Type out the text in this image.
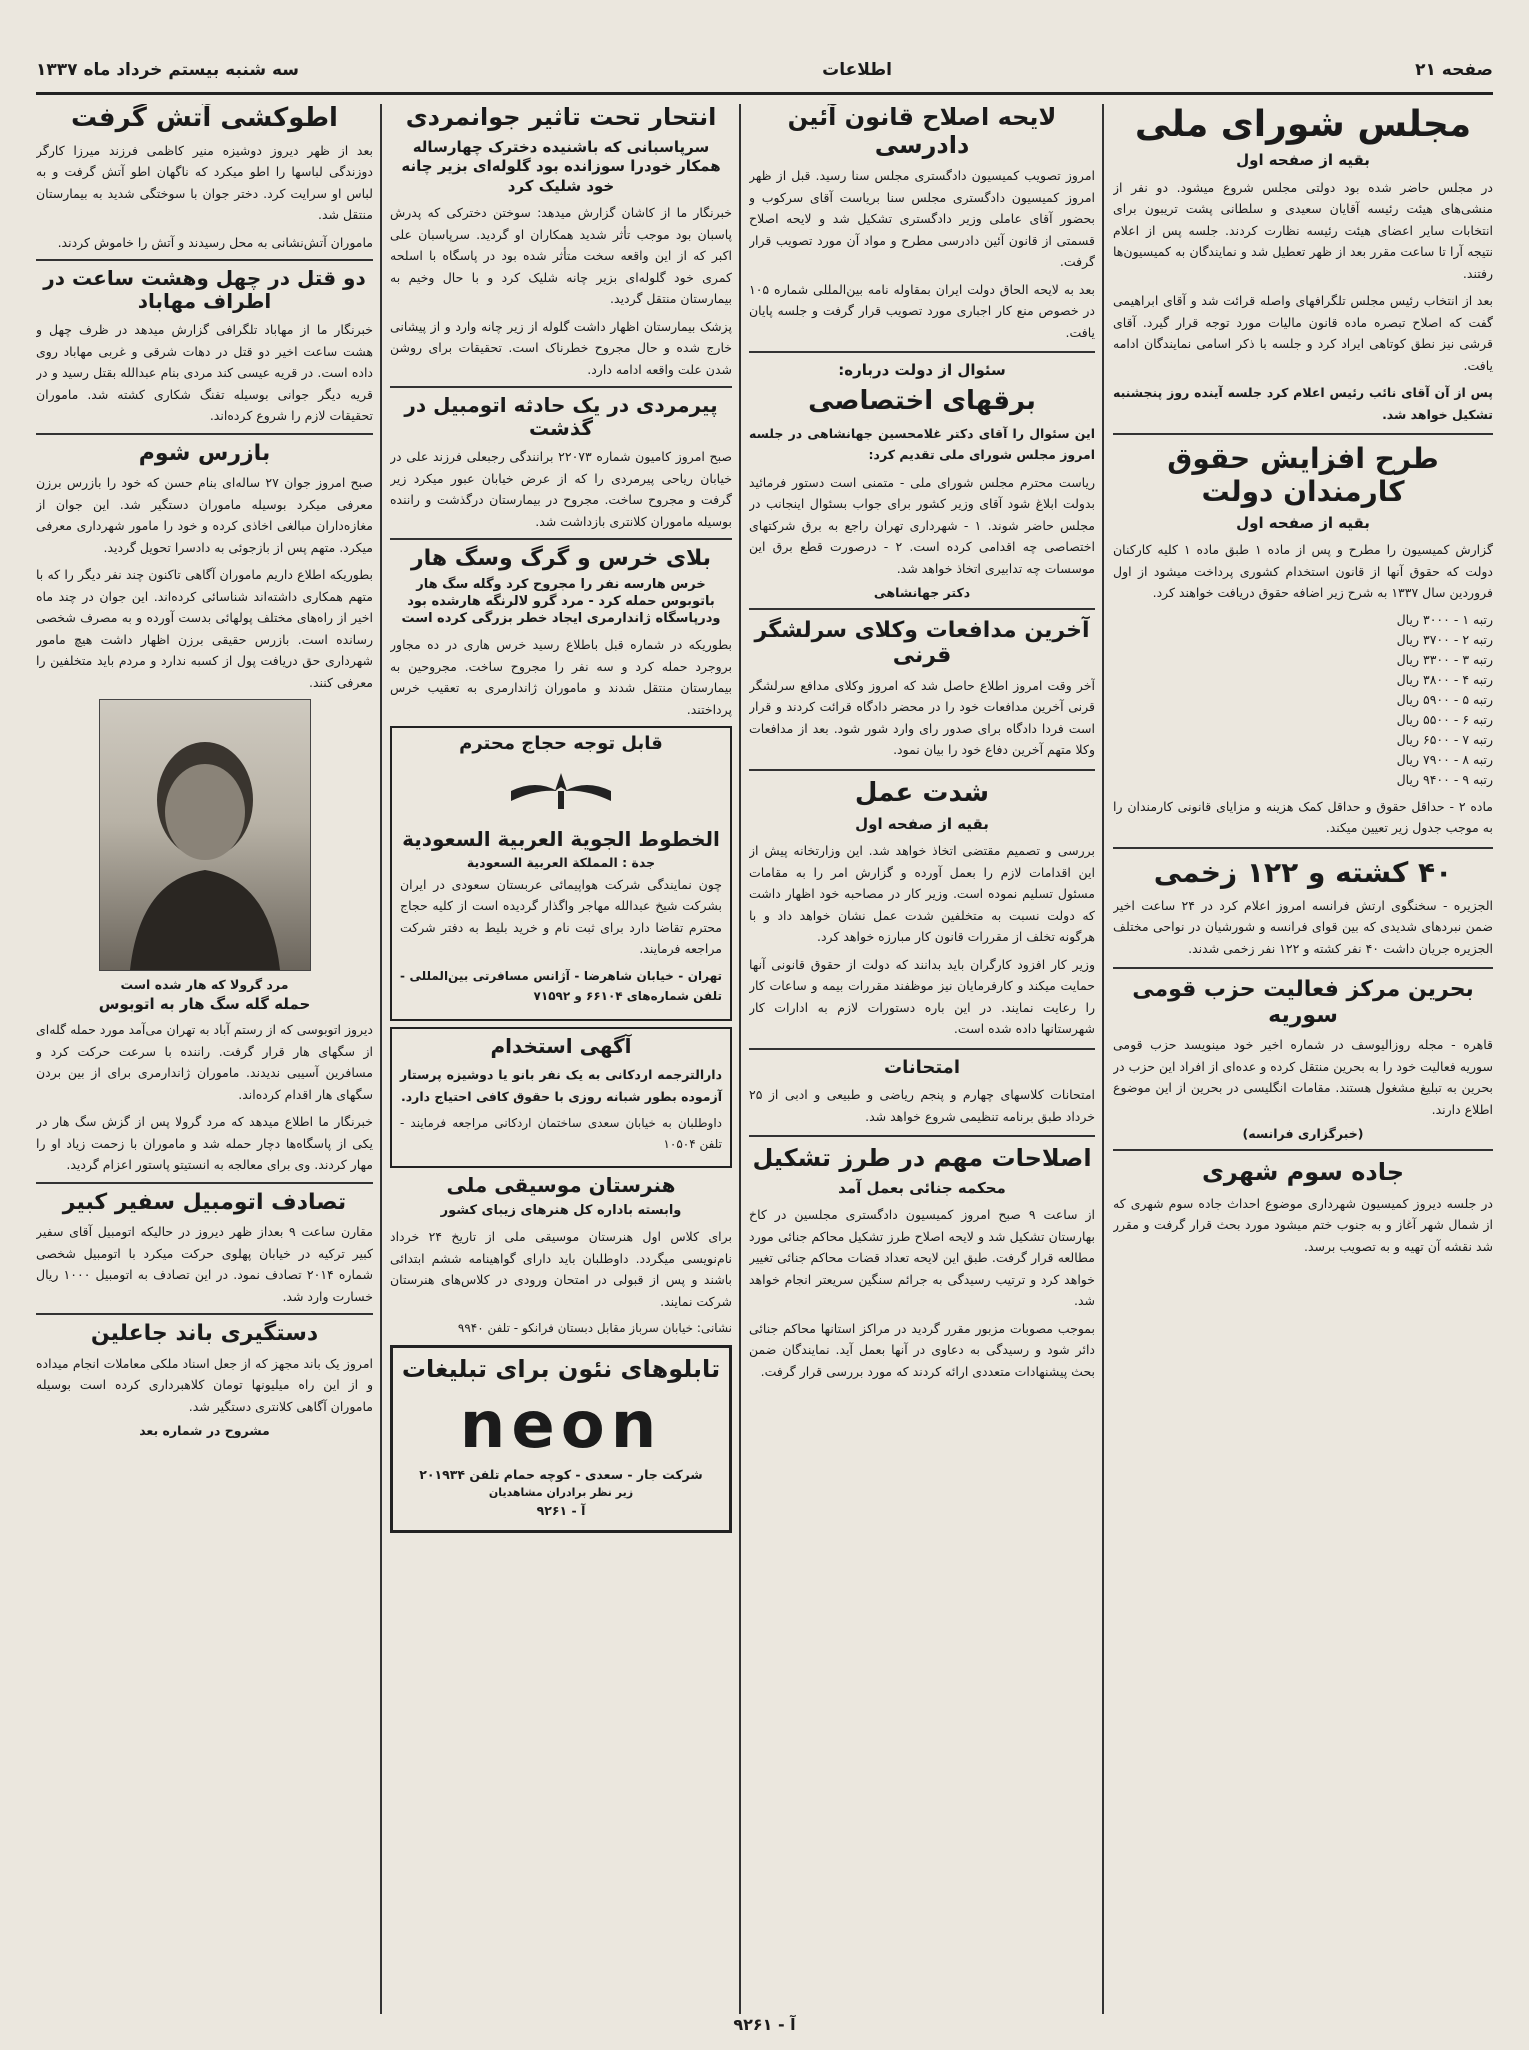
صفحه ۲۱
اطلاعات
سه شنبه بیستم خرداد ماه ۱۳۳۷
مجلس شورای ملی
بقیه از صفحه اول

در مجلس حاضر شده بود دولتی مجلس شروع میشود. دو نفر از منشی‌های هیئت رئیسه آقایان سعیدی و سلطانی پشت تریبون برای انتخابات سایر اعضای هیئت رئیسه نظارت کردند. جلسه پس از اعلام نتیجه آرا تا ساعت مقرر بعد از ظهر تعطیل شد و نمایندگان به کمیسیون‌ها رفتند.

بعد از انتخاب رئیس مجلس تلگرافهای واصله قرائت شد و آقای ابراهیمی گفت که اصلاح تبصره ماده قانون مالیات مورد توجه قرار گیرد. آقای قرشی نیز نطق کوتاهی ایراد کرد و جلسه با ذکر اسامی نمایندگان ادامه یافت.

پس از آن آقای نائب رئیس اعلام کرد جلسه آینده روز پنجشنبه تشکیل خواهد شد.

طرح افزایش حقوق کارمندان دولت
بقیه از صفحه اول

گزارش کمیسیون را مطرح و پس از ماده ۱ طبق ماده ۱ کلیه کارکنان دولت که حقوق آنها از قانون استخدام کشوری پرداخت میشود از اول فروردین سال ۱۳۳۷ به شرح زیر اضافه حقوق دریافت خواهند کرد.

رتبه ۱ - ۳۰۰۰ ریال
رتبه ۲ - ۳۷۰۰ ریال
رتبه ۳ - ۳۳۰۰ ریال
رتبه ۴ - ۳۸۰۰ ریال
رتبه ۵ - ۵۹۰۰ ریال
رتبه ۶ - ۵۵۰۰ ریال
رتبه ۷ - ۶۵۰۰ ریال
رتبه ۸ - ۷۹۰۰ ریال
رتبه ۹ - ۹۴۰۰ ریال

ماده ۲ - حداقل حقوق و حداقل کمک هزینه و مزایای قانونی کارمندان را به موجب جدول زیر تعیین میکند.

۴۰ کشته و ۱۲۲ زخمی

الجزیره - سخنگوی ارتش فرانسه امروز اعلام کرد در ۲۴ ساعت اخیر ضمن نبردهای شدیدی که بین قوای فرانسه و شورشیان در نواحی مختلف الجزیره جریان داشت ۴۰ نفر کشته و ۱۲۲ نفر زخمی شدند.

بحرین مرکز فعالیت حزب قومی سوریه

قاهره - مجله روزالیوسف در شماره اخیر خود مینویسد حزب قومی سوریه فعالیت خود را به بحرین منتقل کرده و عده‌ای از افراد این حزب در بحرین به تبلیغ مشغول هستند. مقامات انگلیسی در بحرین از این موضوع اطلاع دارند.

(خبرگزاری فرانسه)
جاده سوم شهری

در جلسه دیروز کمیسیون شهرداری موضوع احداث جاده سوم شهری که از شمال شهر آغاز و به جنوب ختم میشود مورد بحث قرار گرفت و مقرر شد نقشه آن تهیه و به تصویب برسد.

لایحه اصلاح قانون آئین دادرسی

امروز تصویب کمیسیون دادگستری مجلس سنا رسید. قبل از ظهر امروز کمیسیون دادگستری مجلس سنا بریاست آقای سرکوب و بحضور آقای عاملی وزیر دادگستری تشکیل شد و لایحه اصلاح قسمتی از قانون آئین دادرسی مطرح و مواد آن مورد تصویب قرار گرفت.

بعد به لایحه الحاق دولت ایران بمقاوله نامه بین‌المللی شماره ۱۰۵ در خصوص منع کار اجباری مورد تصویب قرار گرفت و جلسه پایان یافت.

سئوال از دولت درباره:
برقهای اختصاصی

این سئوال را آقای دکتر غلامحسین جهانشاهی در جلسه امروز مجلس شورای ملی تقدیم کرد:

ریاست محترم مجلس شورای ملی - متمنی است دستور فرمائید بدولت ابلاغ شود آقای وزیر کشور برای جواب بسئوال اینجانب در مجلس حاضر شوند. ۱ - شهرداری تهران راجع به برق شرکتهای اختصاصی چه اقدامی کرده است. ۲ - درصورت قطع برق این موسسات چه تدابیری اتخاذ خواهد شد.

دکتر جهانشاهی
آخرین مدافعات وکلای سرلشگر قرنی

آخر وقت امروز اطلاع حاصل شد که امروز وکلای مدافع سرلشگر قرنی آخرین مدافعات خود را در محضر دادگاه قرائت کردند و قرار است فردا دادگاه برای صدور رای وارد شور شود. بعد از مدافعات وکلا متهم آخرین دفاع خود را بیان نمود.

شدت عمل
بقیه از صفحه اول

بررسی و تصمیم مقتضی اتخاذ خواهد شد. این وزارتخانه پیش از این اقدامات لازم را بعمل آورده و گزارش امر را به مقامات مسئول تسلیم نموده است. وزیر کار در مصاحبه خود اظهار داشت که دولت نسبت به متخلفین شدت عمل نشان خواهد داد و با هرگونه تخلف از مقررات قانون کار مبارزه خواهد کرد.

وزیر کار افزود کارگران باید بدانند که دولت از حقوق قانونی آنها حمایت میکند و کارفرمایان نیز موظفند مقررات بیمه و ساعات کار را رعایت نمایند. در این باره دستورات لازم به ادارات کار شهرستانها داده شده است.

امتحانات

امتحانات کلاسهای چهارم و پنجم ریاضی و طبیعی و ادبی از ۲۵ خرداد طبق برنامه تنظیمی شروع خواهد شد.

اصلاحات مهم در طرز تشکیل
محکمه جنائی بعمل آمد

از ساعت ۹ صبح امروز کمیسیون دادگستری مجلسین در کاخ بهارستان تشکیل شد و لایحه اصلاح طرز تشکیل محاکم جنائی مورد مطالعه قرار گرفت. طبق این لایحه تعداد قضات محاکم جنائی تغییر خواهد کرد و ترتیب رسیدگی به جرائم سنگین سریعتر انجام خواهد شد.

بموجب مصوبات مزبور مقرر گردید در مراکز استانها محاکم جنائی دائر شود و رسیدگی به دعاوی در آنها بعمل آید. نمایندگان ضمن بحث پیشنهادات متعددی ارائه کردند که مورد بررسی قرار گرفت.

انتحار تحت تاثیر جوانمردی
سرپاسبانی که باشنیده دخترک چهارساله همکار خودرا سوزانده بود گلوله‌ای بزیر چانه خود شلیک کرد

خبرنگار ما از کاشان گزارش میدهد: سوختن دخترکی که پدرش پاسبان بود موجب تأثر شدید همکاران او گردید. سرپاسبان علی اکبر که از این واقعه سخت متأثر شده بود در پاسگاه با اسلحه کمری خود گلوله‌ای بزیر چانه شلیک کرد و با حال وخیم به بیمارستان منتقل گردید.

پزشک بیمارستان اظهار داشت گلوله از زیر چانه وارد و از پیشانی خارج شده و حال مجروح خطرناک است. تحقیقات برای روشن شدن علت واقعه ادامه دارد.

پیرمردی در یک حادثه اتومبیل در گذشت

صبح امروز کامیون شماره ۲۲۰۷۳ برانندگی رجبعلی فرزند علی در خیابان ریاحی پیرمردی را که از عرض خیابان عبور میکرد زیر گرفت و مجروح ساخت. مجروح در بیمارستان درگذشت و راننده بوسیله ماموران کلانتری بازداشت شد.

بلای خرس و گرگ وسگ هار
خرس هارسه نفر را مجروح کرد وگله سگ هار باتوبوس حمله کرد - مرد گرو لالرنگه هارشده بود ودرپاسگاه ژاندارمری ایجاد خطر بزرگی کرده است

بطوریکه در شماره قبل باطلاع رسید خرس هاری در ده مجاور بروجرد حمله کرد و سه نفر را مجروح ساخت. مجروحین به بیمارستان منتقل شدند و ماموران ژاندارمری به تعقیب خرس پرداختند.

قابل توجه حجاج محترم
الخطوط الجوية العربية السعودية
جدة : المملكة العربية السعودية

چون نمایندگی شرکت هواپیمائی عربستان سعودی در ایران بشرکت شیخ عبدالله مهاجر واگذار گردیده است از کلیه حجاج محترم تقاضا دارد برای ثبت نام و خرید بلیط به دفتر شرکت مراجعه فرمایند.

تهران - خیابان شاهرضا - آژانس مسافرتی بین‌المللی - تلفن شماره‌های ۶۶۱۰۴ و ۷۱۵۹۲

آگهی استخدام

دارالترجمه اردکانی به یک نفر بانو یا دوشیزه پرستار آزموده بطور شبانه روزی با حقوق کافی احتیاج دارد.

داوطلبان به خیابان سعدی ساختمان اردکانی مراجعه فرمایند - تلفن ۱۰۵۰۴

هنرستان موسیقی ملی
وابسته باداره کل هنرهای زیبای کشور

برای کلاس اول هنرستان موسیقی ملی از تاریخ ۲۴ خرداد نام‌نویسی میگردد. داوطلبان باید دارای گواهینامه ششم ابتدائی باشند و پس از قبولی در امتحان ورودی در کلاس‌های هنرستان شرکت نمایند.

نشانی: خیابان سرباز مقابل دبستان فرانکو - تلفن ۹۹۴۰

تابلوهای نئون برای تبلیغات
neon
شرکت جار - سعدی - کوچه حمام تلفن ۲۰۱۹۳۴
زیر نظر برادران مشاهدیان
آ - ۹۲۶۱
اطوکشی آتش گرفت

بعد از ظهر دیروز دوشیزه منیر کاظمی فرزند میرزا کارگر دوزندگی لباسها را اطو میکرد که ناگهان اطو آتش گرفت و به لباس او سرایت کرد. دختر جوان با سوختگی شدید به بیمارستان منتقل شد.

ماموران آتش‌نشانی به محل رسیدند و آتش را خاموش کردند.

دو قتل در چهل وهشت ساعت در اطراف مهاباد

خبرنگار ما از مهاباد تلگرافی گزارش میدهد در ظرف چهل و هشت ساعت اخیر دو قتل در دهات شرقی و غربی مهاباد روی داده است. در قریه عیسی کند مردی بنام عبدالله بقتل رسید و در قریه دیگر جوانی بوسیله تفنگ شکاری کشته شد. ماموران تحقیقات لازم را شروع کرده‌اند.

بازرس شوم

صبح امروز جوان ۲۷ ساله‌ای بنام حسن که خود را بازرس برزن معرفی میکرد بوسیله ماموران دستگیر شد. این جوان از مغازه‌داران مبالغی اخاذی کرده و خود را مامور شهرداری معرفی میکرد. متهم پس از بازجوئی به دادسرا تحویل گردید.

بطوریکه اطلاع داریم ماموران آگاهی تاکنون چند نفر دیگر را که با متهم همکاری داشته‌اند شناسائی کرده‌اند. این جوان در چند ماه اخیر از راه‌های مختلف پولهائی بدست آورده و به مصرف شخصی رسانده است. بازرس حقیقی برزن اظهار داشت هیچ مامور شهرداری حق دریافت پول از کسبه ندارد و مردم باید متخلفین را معرفی کنند.

مرد گرولا که هار شده است
حمله گله سگ هار به اتوبوس

دیروز اتوبوسی که از رستم آباد به تهران می‌آمد مورد حمله گله‌ای از سگهای هار قرار گرفت. راننده با سرعت حرکت کرد و مسافرین آسیبی ندیدند. ماموران ژاندارمری برای از بین بردن سگهای هار اقدام کرده‌اند.

خبرنگار ما اطلاع میدهد که مرد گرولا پس از گزش سگ هار در یکی از پاسگاه‌ها دچار حمله شد و ماموران با زحمت زیاد او را مهار کردند. وی برای معالجه به انستیتو پاستور اعزام گردید.

تصادف اتومبیل سفیر کبیر

مقارن ساعت ۹ بعداز ظهر دیروز در حالیکه اتومبیل آقای سفیر کبیر ترکیه در خیابان پهلوی حرکت میکرد با اتومبیل شخصی شماره ۲۰۱۴ تصادف نمود. در این تصادف به اتومبیل ۱۰۰۰ ریال خسارت وارد شد.

دستگیری باند جاعلین

امروز یک باند مجهز که از جعل اسناد ملکی معاملات انجام میداده و از این راه میلیونها تومان کلاهبرداری کرده است بوسیله ماموران آگاهی کلانتری دستگیر شد.

مشروح در شماره بعد
آ - ۹۲۶۱
